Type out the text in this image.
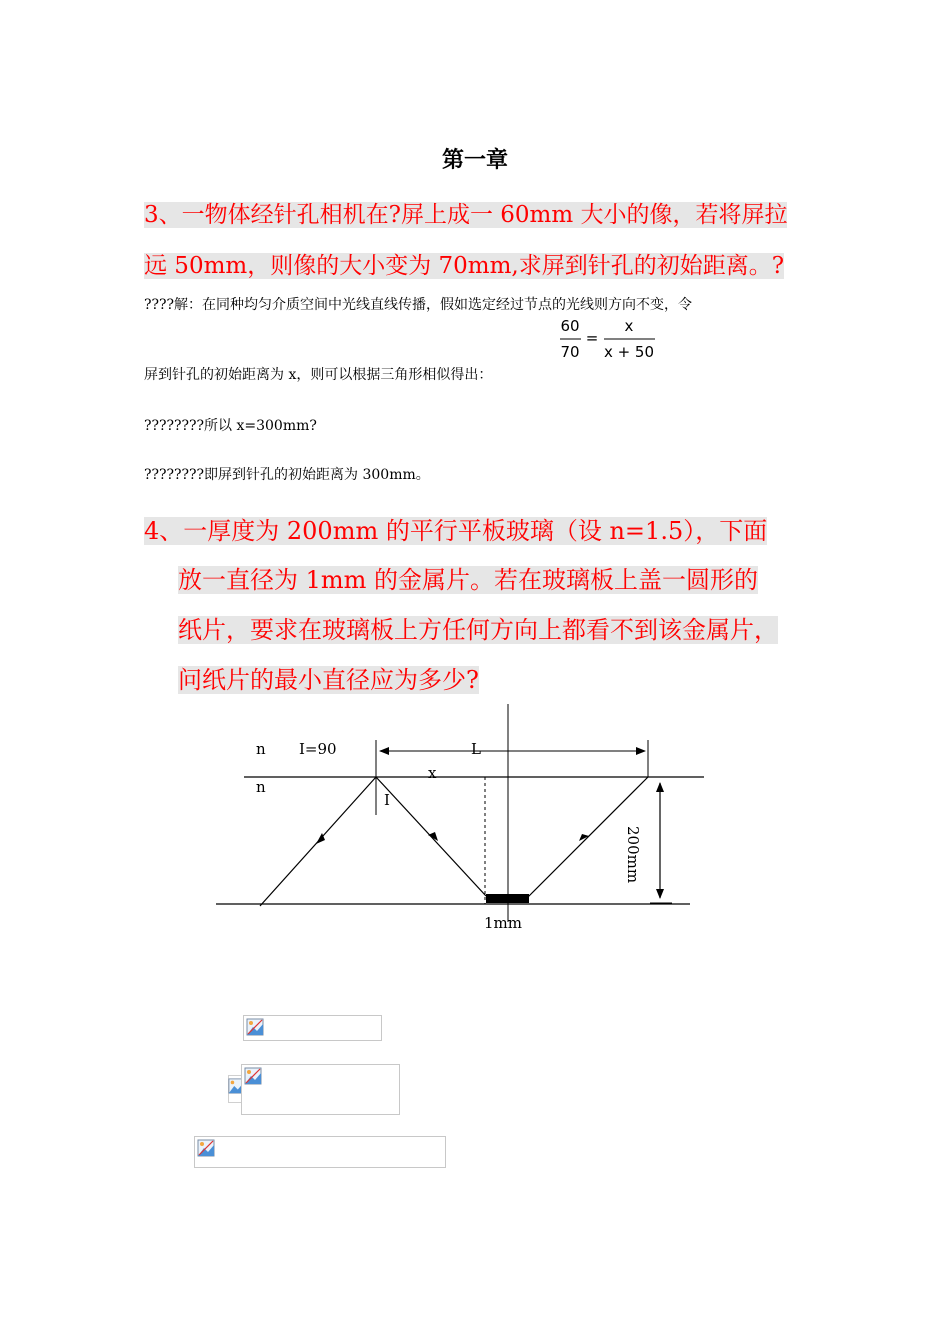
第一章
3、一物体经针孔相机在?屏上成一 60mm 大小的像，若将屏拉
远 50mm，则像的大小变为 70mm,求屏到针孔的初始距离。?
????解：在同种均匀介质空间中光线直线传播，假如选定经过节点的光线则方向不变，令
60
70
=
x
x + 50
屏到针孔的初始距离为 x，则可以根据三角形相似得出：
????????所以 x=300mm?
????????即屏到针孔的初始距离为 300mm。
4、一厚度为 200mm 的平行平板玻璃（设 n=1.5），下面
放一直径为 1mm 的金属片。若在玻璃板上盖一圆形的
纸片，要求在玻璃板上方任何方向上都看不到该金属片，
问纸片的最小直径应为多少?
n I=90	L
n
x
I
200mm
1mm
